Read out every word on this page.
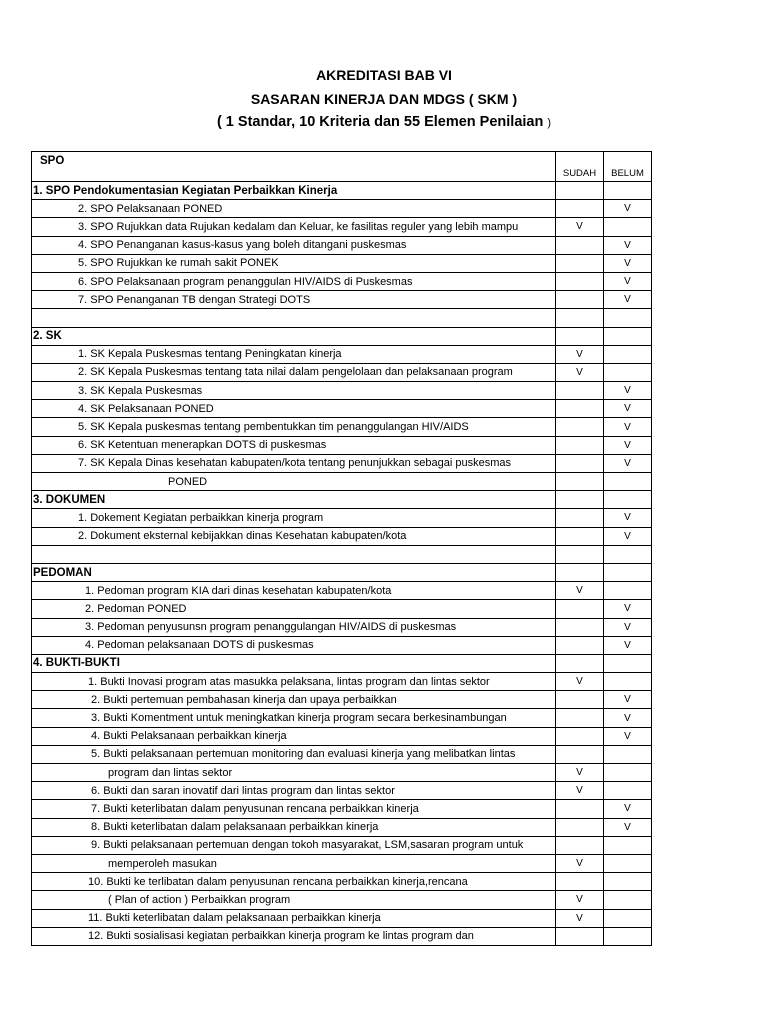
AKREDITASI BAB VI
SASARAN KINERJA DAN MDGS ( SKM )
( 1 Standar, 10 Kriteria dan 55 Elemen Penilaian )
SPO	SUDAH	BELUM
1. SPO Pendokumentasian Kegiatan Perbaikkan Kinerja		
2. SPO Pelaksanaan PONED		V
3. SPO Rujukkan data Rujukan kedalam dan Keluar, ke fasilitas reguler yang lebih mampu	V	
4. SPO Penanganan kasus-kasus yang boleh ditangani puskesmas		V
5. SPO Rujukkan ke rumah sakit PONEK		V
6. SPO Pelaksanaan program penanggulan HIV/AIDS di Puskesmas		V
7. SPO Penanganan TB dengan Strategi DOTS		V

2. SK		
1. SK Kepala Puskesmas tentang Peningkatan kinerja	V	
2. SK Kepala Puskesmas tentang tata nilai dalam pengelolaan dan pelaksanaan program	V	
3. SK Kepala Puskesmas		V
4. SK Pelaksanaan PONED		V
5. SK Kepala puskesmas tentang pembentukkan tim penanggulangan HIV/AIDS		V
6. SK Ketentuan menerapkan DOTS di puskesmas		V
7. SK Kepala Dinas kesehatan kabupaten/kota tentang penunjukkan sebagai puskesmas		V
PONED		
3. DOKUMEN		
1. Dokement Kegiatan perbaikkan kinerja program		V
2. Dokument eksternal kebijakkan dinas Kesehatan kabupaten/kota		V

PEDOMAN		
1. Pedoman program KIA dari dinas kesehatan kabupaten/kota	V	
2. Pedoman PONED		V
3. Pedoman penyusunsn program penanggulangan HIV/AIDS di puskesmas		V
4. Pedoman pelaksanaan DOTS di puskesmas		V
4. BUKTI-BUKTI		
1. Bukti Inovasi program atas masukka pelaksana, lintas program dan lintas sektor	V	
2. Bukti pertemuan pembahasan kinerja dan upaya perbaikkan		V
3. Bukti Komentment untuk meningkatkan kinerja program secara berkesinambungan		V
4. Bukti Pelaksanaan perbaikkan kinerja		V
5. Bukti pelaksanaan pertemuan monitoring dan evaluasi kinerja yang melibatkan lintas		
program dan lintas sektor	V	
6. Bukti dan saran inovatif dari lintas program dan lintas sektor	V	
7. Bukti keterlibatan dalam penyusunan rencana perbaikkan kinerja		V
8. Bukti keterlibatan dalam pelaksanaan perbaikkan kinerja		V
9. Bukti pelaksanaan pertemuan dengan tokoh masyarakat, LSM,sasaran program untuk		
memperoleh masukan	V	
10. Bukti ke terlibatan dalam penyusunan rencana perbaikkan kinerja,rencana		
( Plan of action ) Perbaikkan program	V	
11. Bukti keterlibatan dalam pelaksanaan perbaikkan kinerja	V	
12. Bukti sosialisasi kegiatan perbaikkan kinerja program ke lintas program dan		
